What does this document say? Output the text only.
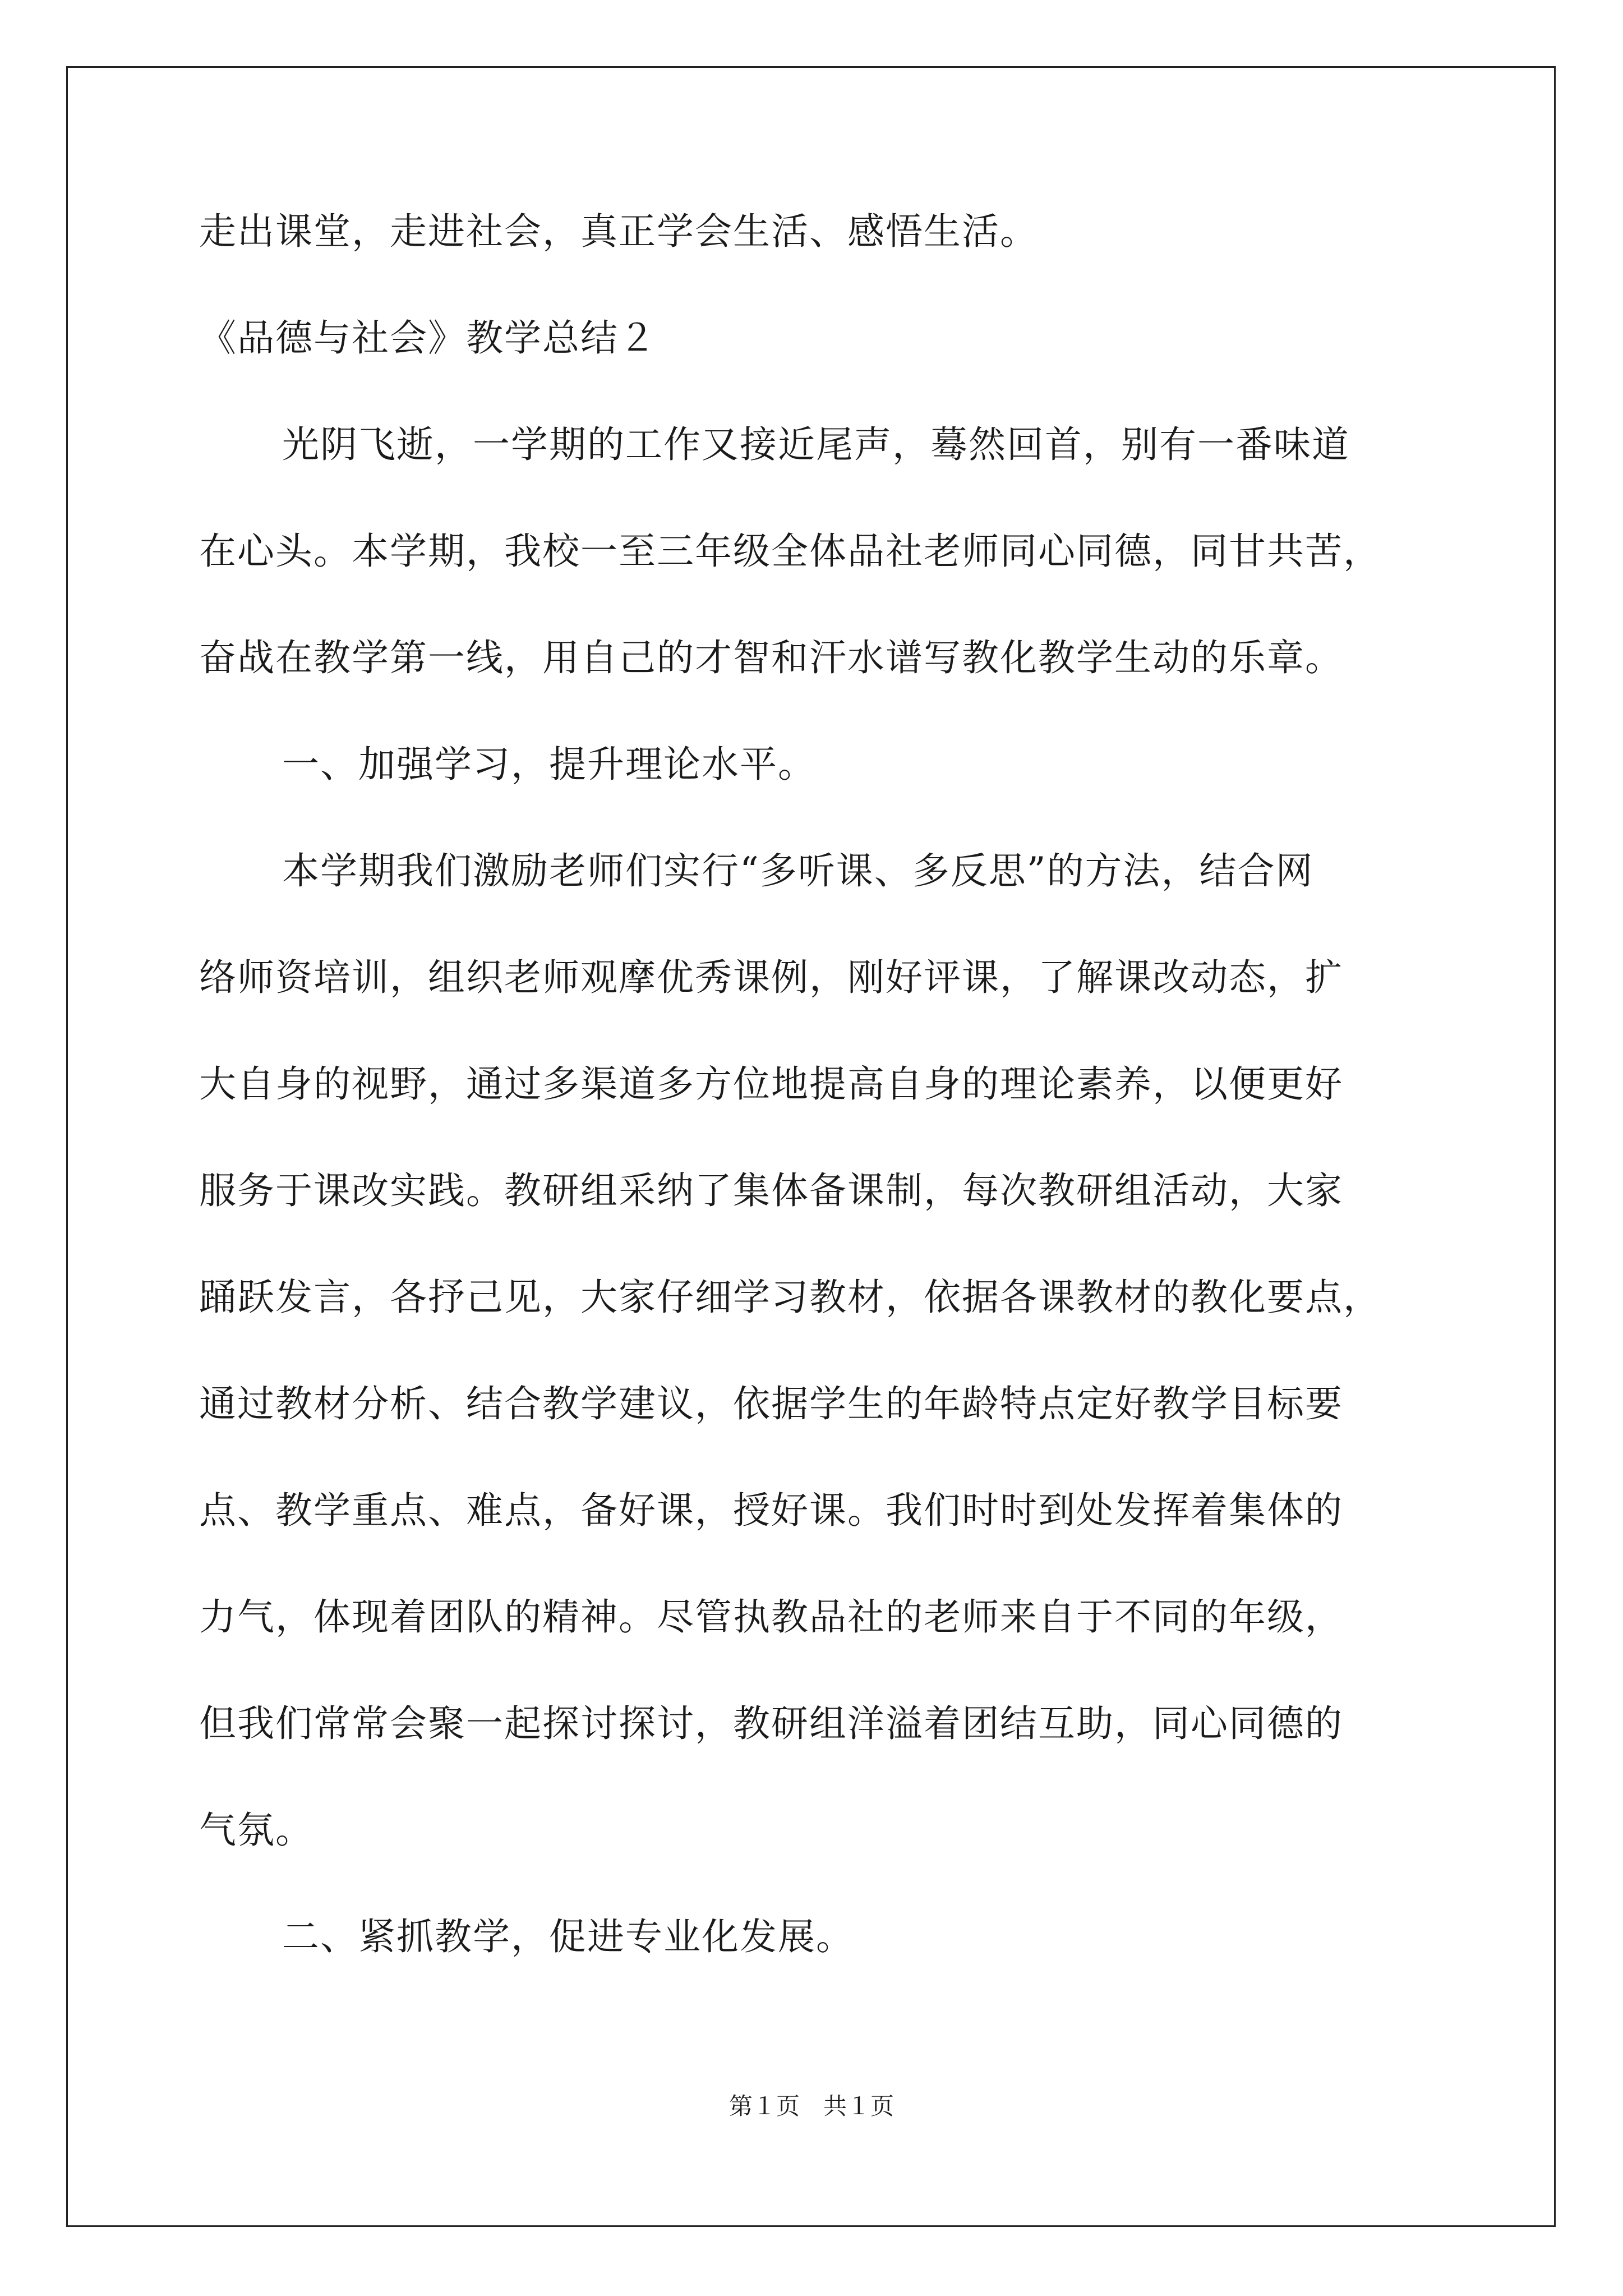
走出课堂，走进社会，真正学会生活、感悟生活。
《品德与社会》教学总结２
光阴飞逝，一学期的工作又接近尾声，蓦然回首，别有一番味道
在心头。本学期，我校一至三年级全体品社老师同心同德，同甘共苦，
奋战在教学第一线，用自己的才智和汗水谱写教化教学生动的乐章。
一、加强学习，提升理论水平。
本学期我们激励老师们实行“多听课、多反思”的方法，结合网
络师资培训，组织老师观摩优秀课例，刚好评课，了解课改动态，扩
大自身的视野，通过多渠道多方位地提高自身的理论素养，以便更好
服务于课改实践。教研组采纳了集体备课制，每次教研组活动，大家
踊跃发言，各抒己见，大家仔细学习教材，依据各课教材的教化要点，
通过教材分析、结合教学建议，依据学生的年龄特点定好教学目标要
点、教学重点、难点，备好课，授好课。我们时时到处发挥着集体的
力气，体现着团队的精神。尽管执教品社的老师来自于不同的年级，
但我们常常会聚一起探讨探讨，教研组洋溢着团结互助，同心同德的
气氛。
二、紧抓教学，促进专业化发展。
第１页　共１页
